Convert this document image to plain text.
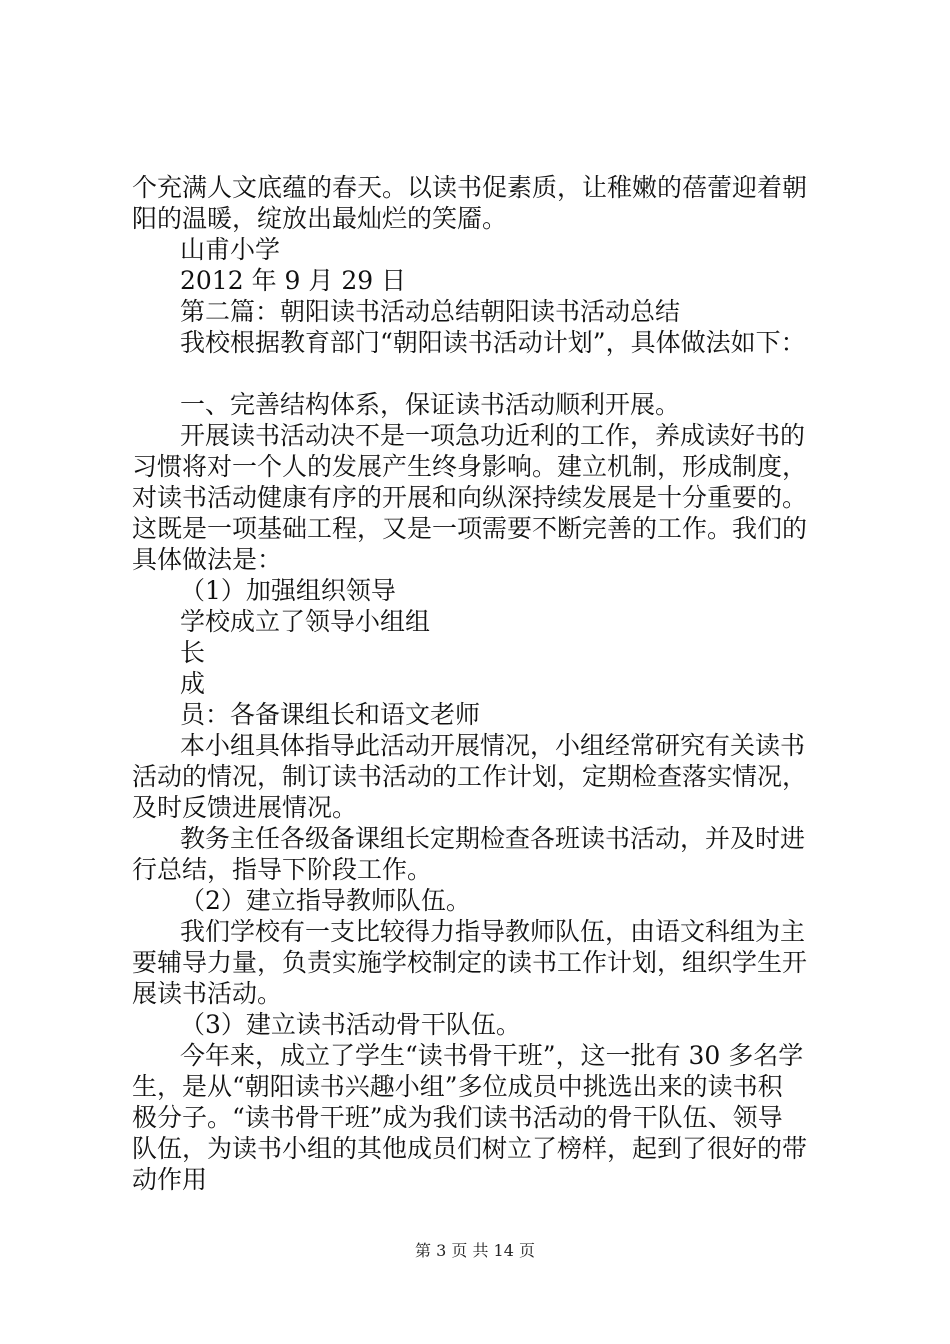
个充满人文底蕴的春天。以读书促素质，让稚嫩的蓓蕾迎着朝
阳的温暖，绽放出最灿烂的笑靥。
山甫小学
2012 年 9 月 29 日
第二篇：朝阳读书活动总结朝阳读书活动总结
我校根据教育部门“朝阳读书活动计划”，具体做法如下：
一、完善结构体系，保证读书活动顺利开展。
开展读书活动决不是一项急功近利的工作，养成读好书的
习惯将对一个人的发展产生终身影响。建立机制，形成制度，
对读书活动健康有序的开展和向纵深持续发展是十分重要的。
这既是一项基础工程，又是一项需要不断完善的工作。我们的
具体做法是：
（1）加强组织领导
学校成立了领导小组组
长
成
员：各备课组长和语文老师
本小组具体指导此活动开展情况，小组经常研究有关读书
活动的情况，制订读书活动的工作计划，定期检查落实情况，
及时反馈进展情况。
教务主任各级备课组长定期检查各班读书活动，并及时进
行总结，指导下阶段工作。
（2）建立指导教师队伍。
我们学校有一支比较得力指导教师队伍，由语文科组为主
要辅导力量，负责实施学校制定的读书工作计划，组织学生开
展读书活动。
（3）建立读书活动骨干队伍。
今年来，成立了学生“读书骨干班”，这一批有 30 多名学
生，是从“朝阳读书兴趣小组”多位成员中挑选出来的读书积
极分子。“读书骨干班”成为我们读书活动的骨干队伍、领导
队伍，为读书小组的其他成员们树立了榜样，起到了很好的带
动作用
第 3 页 共 14 页
